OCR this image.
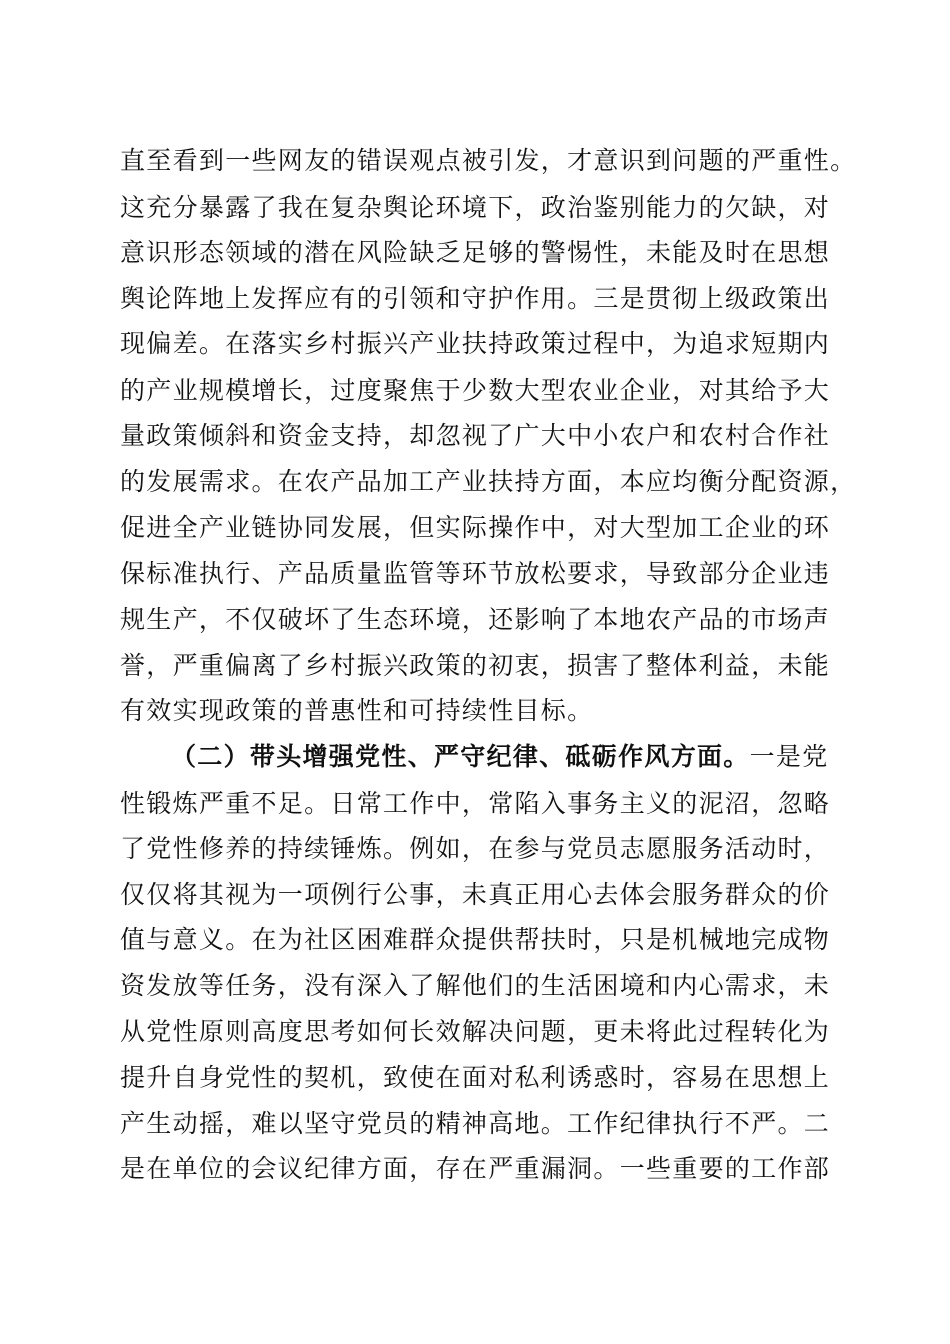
直至看到一些网友的错误观点被引发，才意识到问题的严重性。
这充分暴露了我在复杂舆论环境下，政治鉴别能力的欠缺，对
意识形态领域的潜在风险缺乏足够的警惕性，未能及时在思想
舆论阵地上发挥应有的引领和守护作用。三是贯彻上级政策出
现偏差。在落实乡村振兴产业扶持政策过程中，为追求短期内
的产业规模增长，过度聚焦于少数大型农业企业，对其给予大
量政策倾斜和资金支持，却忽视了广大中小农户和农村合作社
的发展需求。在农产品加工产业扶持方面，本应均衡分配资源，
促进全产业链协同发展，但实际操作中，对大型加工企业的环
保标准执行、产品质量监管等环节放松要求，导致部分企业违
规生产，不仅破坏了生态环境，还影响了本地农产品的市场声
誉，严重偏离了乡村振兴政策的初衷，损害了整体利益，未能
有效实现政策的普惠性和可持续性目标。
（二）带头增强党性、严守纪律、砥砺作风方面。一是党
性锻炼严重不足。日常工作中，常陷入事务主义的泥沼，忽略
了党性修养的持续锤炼。例如，在参与党员志愿服务活动时，
仅仅将其视为一项例行公事，未真正用心去体会服务群众的价
值与意义。在为社区困难群众提供帮扶时，只是机械地完成物
资发放等任务，没有深入了解他们的生活困境和内心需求，未
从党性原则高度思考如何长效解决问题，更未将此过程转化为
提升自身党性的契机，致使在面对私利诱惑时，容易在思想上
产生动摇，难以坚守党员的精神高地。工作纪律执行不严。二
是在单位的会议纪律方面，存在严重漏洞。一些重要的工作部
